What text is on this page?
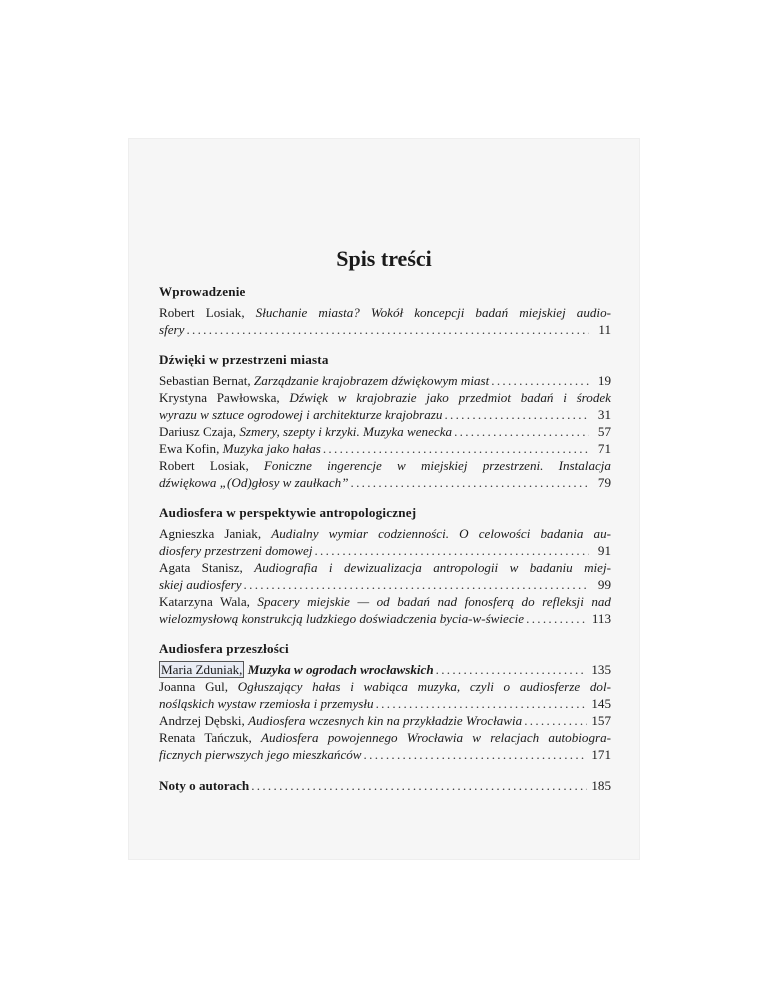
Spis treści
Wprowadzenie
Robert Losiak, Słuchanie miasta? Wokół koncepcji badań miejskiej audio-
sfery .....	11
Dźwięki w przestrzeni miasta
Sebastian Bernat, Zarządzanie krajobrazem dźwiękowym miast .....	19
Krystyna Pawłowska, Dźwięk w krajobrazie jako przedmiot badań i środek
wyrazu w sztuce ogrodowej i architekturze krajobrazu .....	31
Dariusz Czaja, Szmery, szepty i krzyki. Muzyka wenecka .....	57
Ewa Kofin, Muzyka jako hałas .....	71
Robert Losiak, Foniczne ingerencje w miejskiej przestrzeni. Instalacja
dźwiękowa „(Od)głosy w zaułkach” .....	79
Audiosfera w perspektywie antropologicznej
Agnieszka Janiak, Audialny wymiar codzienności. O celowości badania au-
diosfery przestrzeni domowej .....	91
Agata Stanisz, Audiografia i dewizualizacja antropologii w badaniu miej-
skiej audiosfery .....	99
Katarzyna Wala, Spacery miejskie — od badań nad fonosferą do refleksji nad
wielozmysłową konstrukcją ludzkiego doświadczenia bycia-w-świecie .....	113
Audiosfera przeszłości
Maria Zduniak, Muzyka w ogrodach wrocławskich .....	135
Joanna Gul, Ogłuszający hałas i wabiąca muzyka, czyli o audiosferze dol-
nośląskich wystaw rzemiosła i przemysłu .....	145
Andrzej Dębski, Audiosfera wczesnych kin na przykładzie Wrocławia .....	157
Renata Tańczuk, Audiosfera powojennego Wrocławia w relacjach autobiogra-
ficznych pierwszych jego mieszkańców .....	171
Noty o autorach .....	185
